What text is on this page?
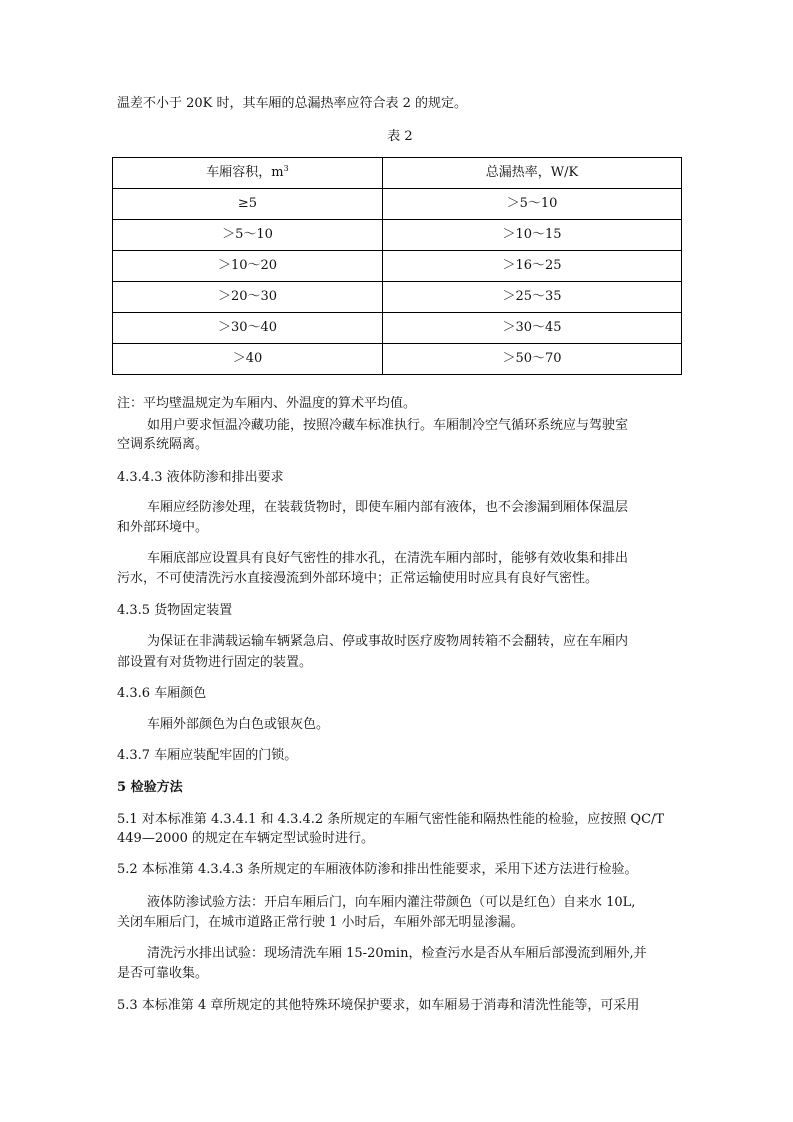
温差不小于 20K 时，其车厢的总漏热率应符合表 2 的规定。
表 2
车厢容积，$m^3$	总漏热率，W/K
≥5	＞5～10
＞5～10	＞10～15
＞10～20	＞16～25
＞20～30	＞25～35
＞30～40	＞30～45
＞40	＞50～70
注：平均壁温规定为车厢内、外温度的算术平均值。
如用户要求恒温冷藏功能，按照冷藏车标准执行。车厢制冷空气循环系统应与驾驶室
空调系统隔离。
4.3.4.3 液体防渗和排出要求
车厢应经防渗处理，在装载货物时，即使车厢内部有液体，也不会渗漏到厢体保温层
和外部环境中。
车厢底部应设置具有良好气密性的排水孔，在清洗车厢内部时，能够有效收集和排出
污水，不可使清洗污水直接漫流到外部环境中；正常运输使用时应具有良好气密性。
4.3.5 货物固定装置
为保证在非满载运输车辆紧急启、停或事故时医疗废物周转箱不会翻转，应在车厢内
部设置有对货物进行固定的装置。
4.3.6 车厢颜色
车厢外部颜色为白色或银灰色。
4.3.7 车厢应装配牢固的门锁。
5 检验方法
5.1 对本标准第 4.3.4.1 和 4.3.4.2 条所规定的车厢气密性能和隔热性能的检验，应按照 QC/T
449—2000 的规定在车辆定型试验时进行。
5.2 本标准第 4.3.4.3 条所规定的车厢液体防渗和排出性能要求，采用下述方法进行检验。
液体防渗试验方法：开启车厢后门，向车厢内灌注带颜色（可以是红色）自来水 10L,
关闭车厢后门，在城市道路正常行驶 1 小时后，车厢外部无明显渗漏。
清洗污水排出试验：现场清洗车厢 15-20min，检查污水是否从车厢后部漫流到厢外,并
是否可靠收集。
5.3 本标准第 4 章所规定的其他特殊环境保护要求，如车厢易于消毒和清洗性能等，可采用
